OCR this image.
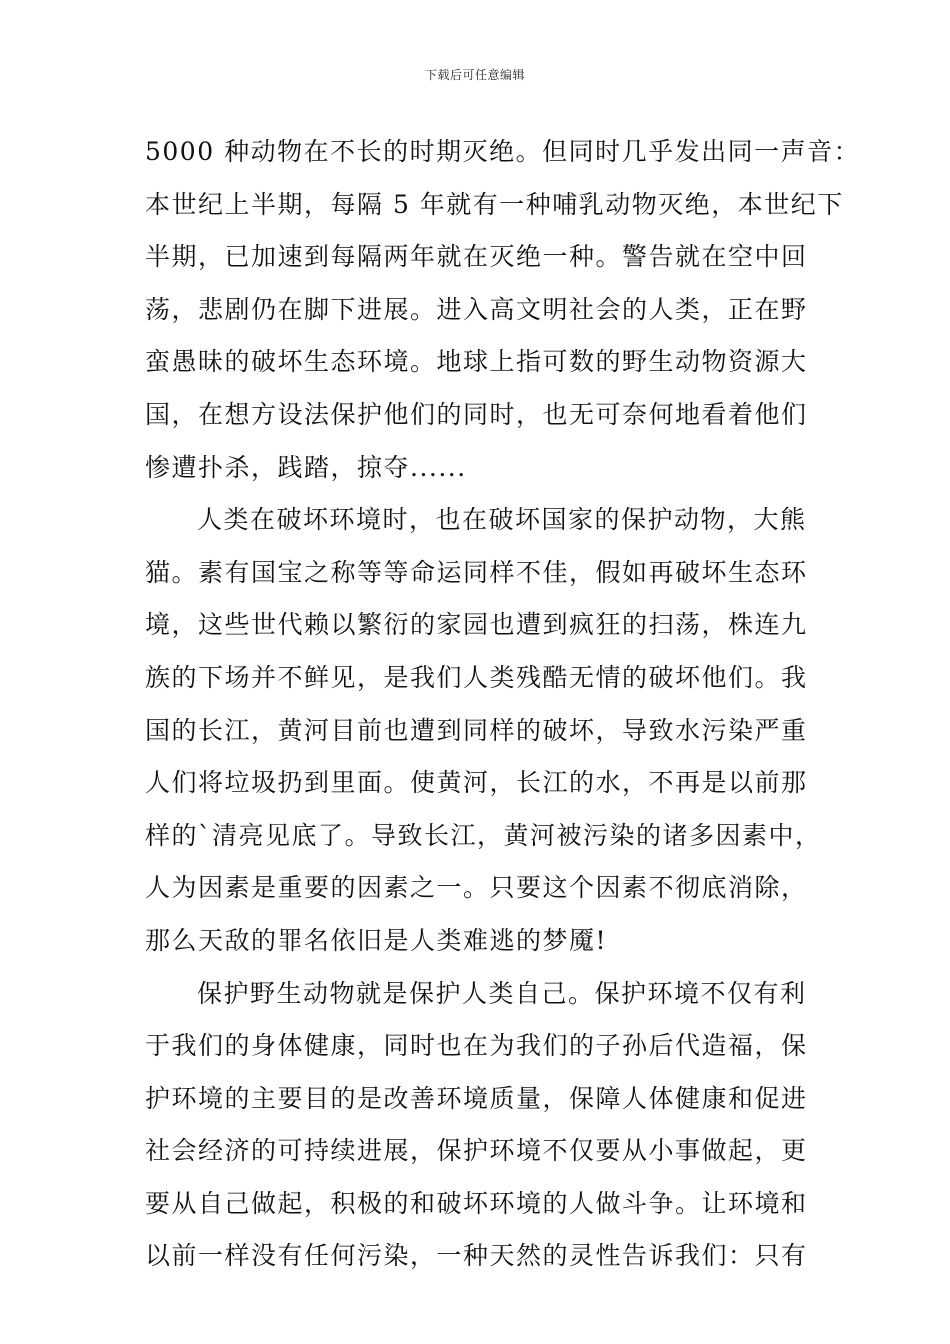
下载后可任意编辑
5000 种动物在不长的时期灭绝。但同时几乎发出同一声音：
本世纪上半期，每隔 5 年就有一种哺乳动物灭绝，本世纪下
半期，已加速到每隔两年就在灭绝一种。警告就在空中回
荡，悲剧仍在脚下进展。进入高文明社会的人类，正在野
蛮愚昧的破坏生态环境。地球上指可数的野生动物资源大
国，在想方设法保护他们的同时，也无可奈何地看着他们
惨遭扑杀，践踏，掠夺......
人类在破坏环境时，也在破坏国家的保护动物，大熊
猫。素有国宝之称等等命运同样不佳，假如再破坏生态环
境，这些世代赖以繁衍的家园也遭到疯狂的扫荡，株连九
族的下场并不鲜见，是我们人类残酷无情的破坏他们。我
国的长江，黄河目前也遭到同样的破坏，导致水污染严重
人们将垃圾扔到里面。使黄河，长江的水，不再是以前那
样的`清亮见底了。导致长江，黄河被污染的诸多因素中，
人为因素是重要的因素之一。只要这个因素不彻底消除，
那么天敌的罪名依旧是人类难逃的梦魇!
保护野生动物就是保护人类自己。保护环境不仅有利
于我们的身体健康，同时也在为我们的子孙后代造福，保
护环境的主要目的是改善环境质量，保障人体健康和促进
社会经济的可持续进展，保护环境不仅要从小事做起，更
要从自己做起，积极的和破坏环境的人做斗争。让环境和
以前一样没有任何污染，一种天然的灵性告诉我们：只有
